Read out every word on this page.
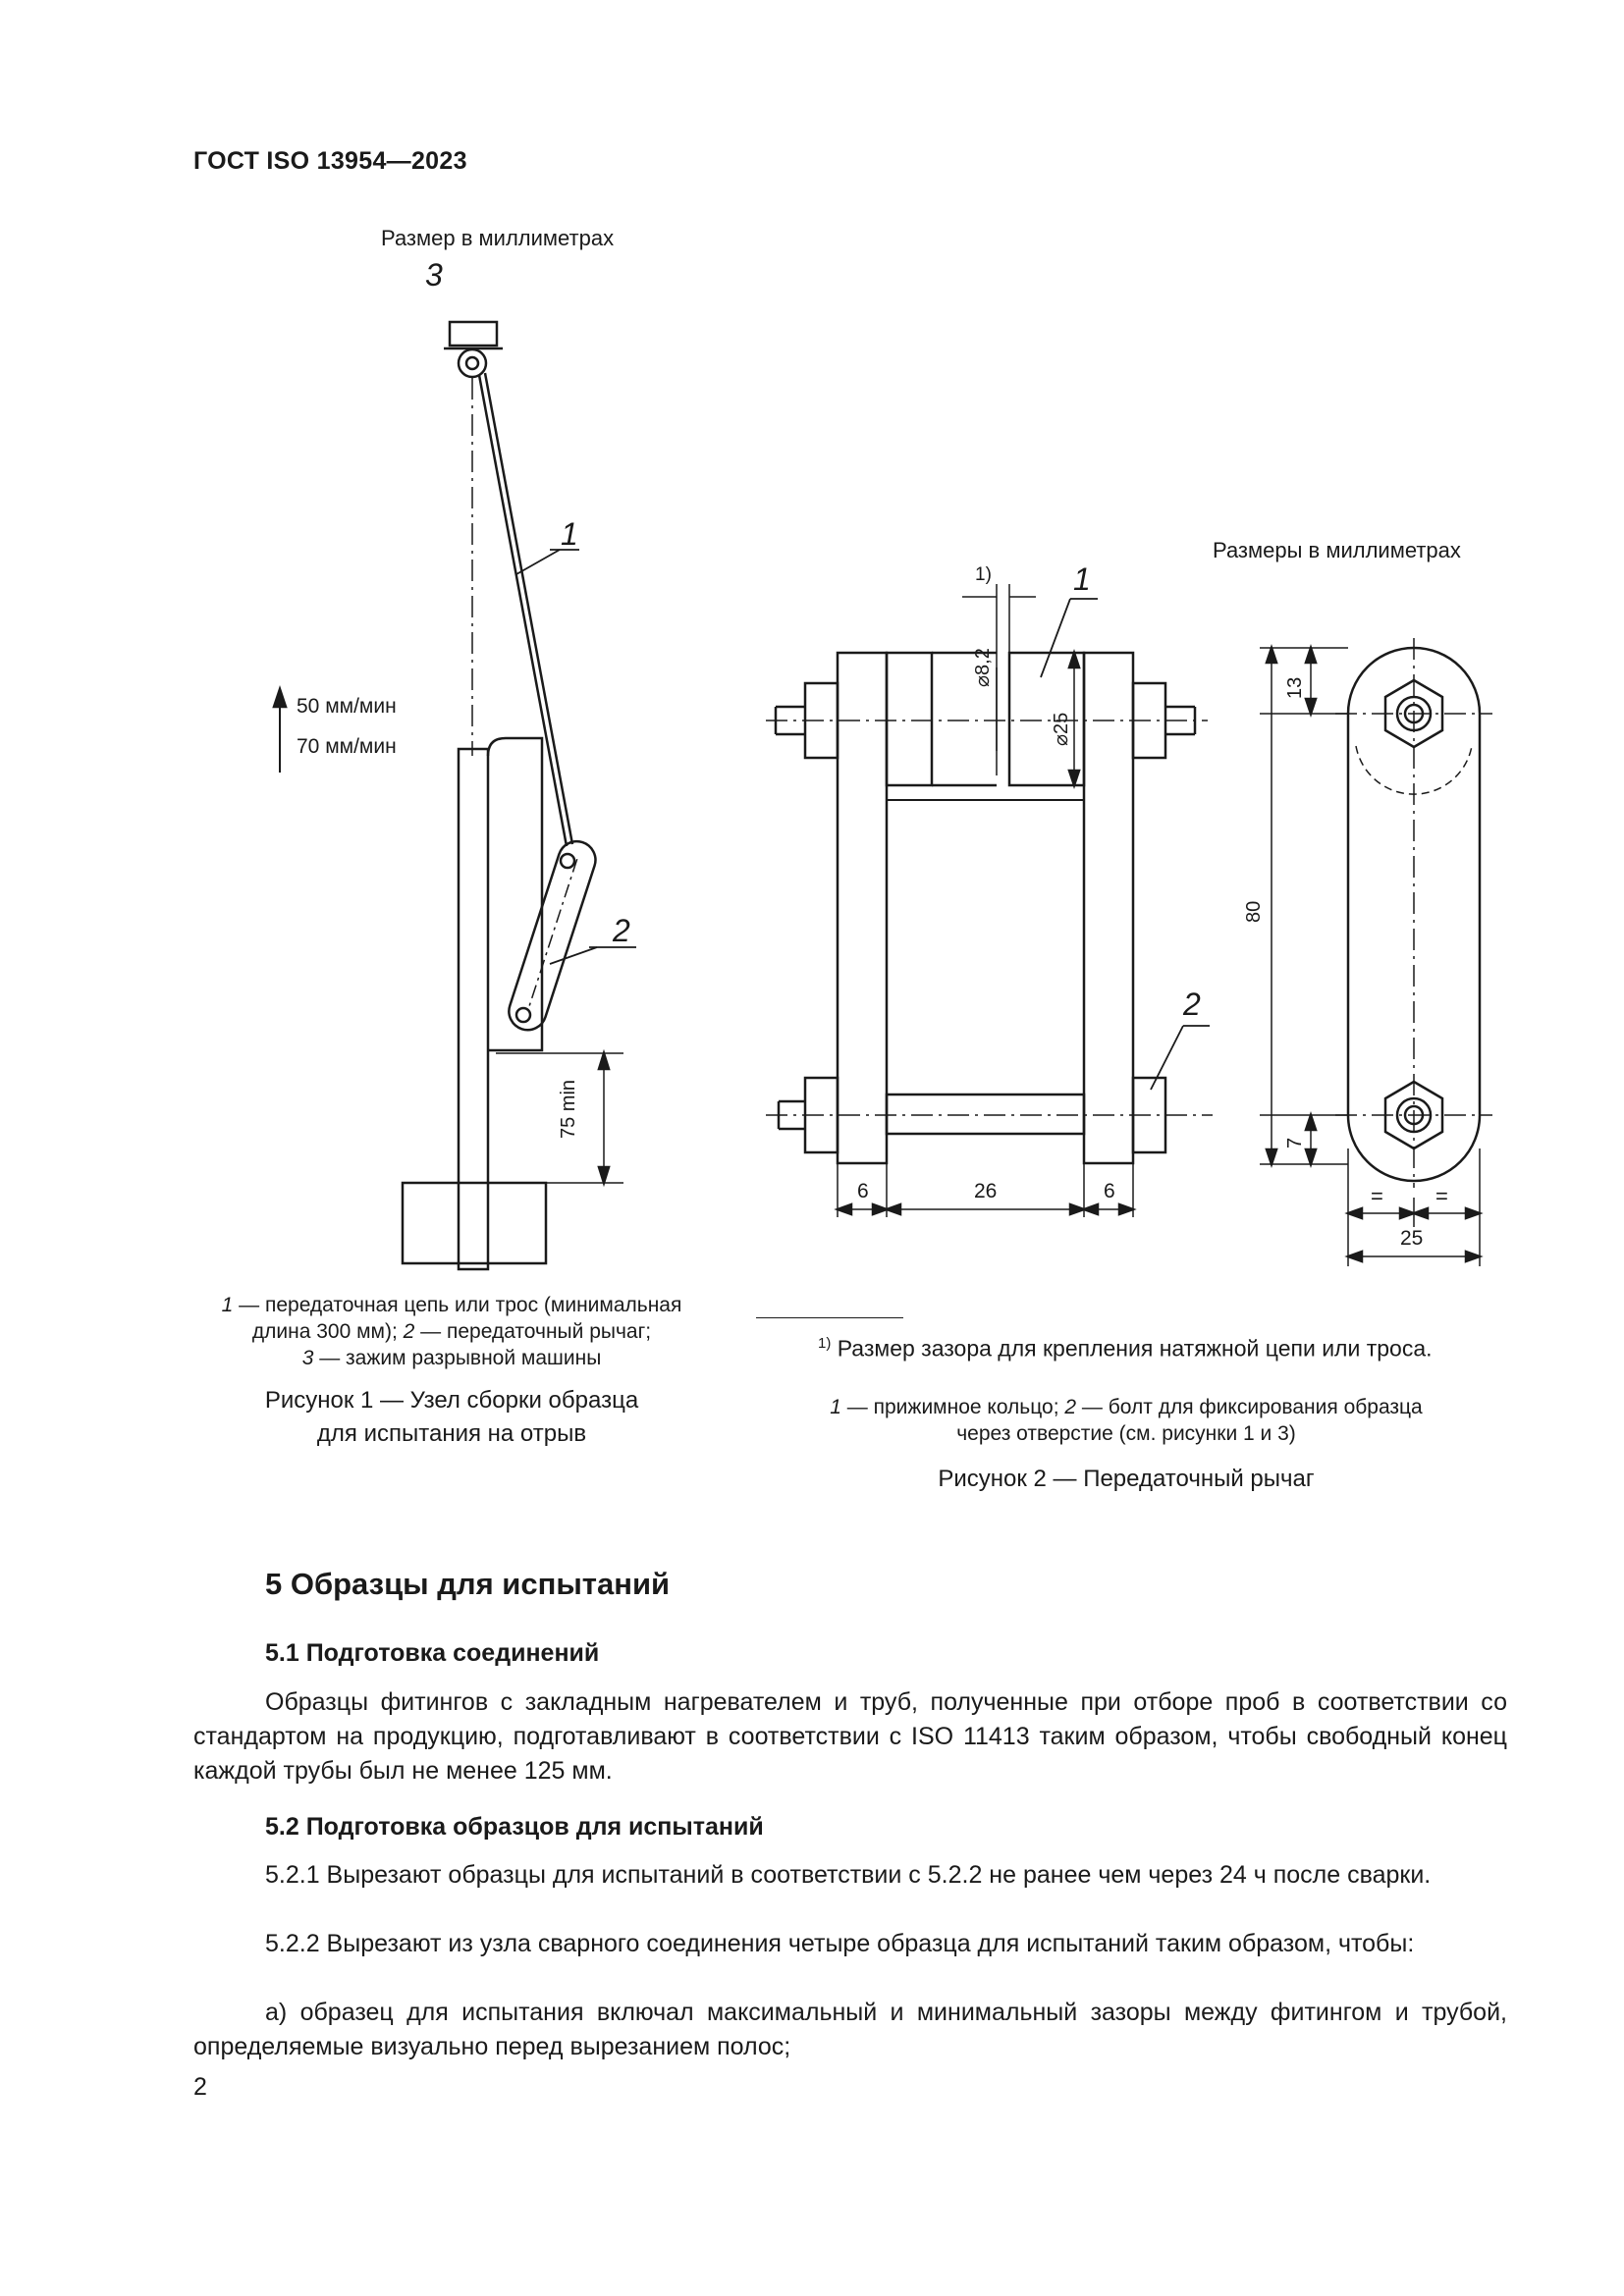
ГОСТ ISO 13954—2023
Размер в миллиметрах
3
1
2
50 мм/мин
70 мм/мин
75 min
1 — передаточная цепь или трос (минимальная длина 300 мм); 2 — передаточный рычаг;
3 — зажим разрывной машины
Рисунок 1 — Узел сборки образца
для испытания на отрыв
Размеры в миллиметрах
1)	1
2
⌀8,2
⌀25
6	26	6
13
80
7
= =
25
$^{1)}$ Размер зазора для крепления натяжной цепи или троса.
1 — прижимное кольцо; 2 — болт для фиксирования образца через отверстие (см. рисунки 1 и 3)
Рисунок 2 — Передаточный рычаг
5 Образцы для испытаний
5.1 Подготовка соединений
Образцы фитингов с закладным нагревателем и труб, полученные при отборе проб в соответствии со стандартом на продукцию, подготавливают в соответствии с ISO 11413 таким образом, чтобы свободный конец каждой трубы был не менее 125 мм.
5.2 Подготовка образцов для испытаний
5.2.1 Вырезают образцы для испытаний в соответствии с 5.2.2 не ранее чем через 24 ч после сварки.
5.2.2 Вырезают из узла сварного соединения четыре образца для испытаний таким образом, чтобы:
а) образец для испытания включал максимальный и минимальный зазоры между фитингом и трубой, определяемые визуально перед вырезанием полос;
2
